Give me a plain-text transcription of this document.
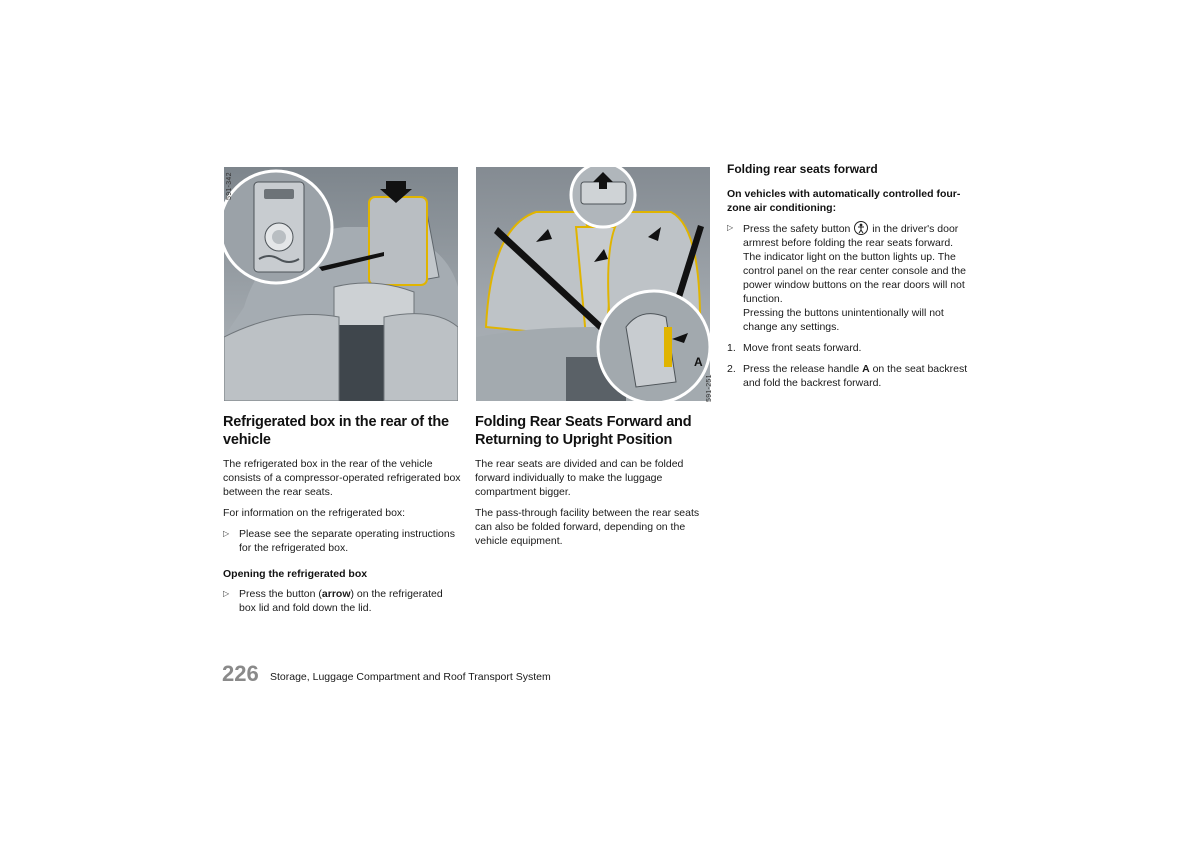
591-342
A
591-251
Refrigerated box in the rear of the vehicle

The refrigerated box in the rear of the vehicle consists of a compressor-operated refrigerated box between the rear seats.

For information on the refrigerated box:

▷ Please see the separate operating instructions for the refrigerated box.
Opening the refrigerated box
▷ Press the button (arrow) on the refrigerated box lid and fold down the lid.
Folding Rear Seats Forward and Returning to Upright Position

The rear seats are divided and can be folded forward individually to make the luggage compartment bigger.

The pass-through facility between the rear seats can also be folded forward, depending on the vehicle equipment.

Folding rear seats forward
On vehicles with automatically controlled four-zone air conditioning:
▷ Press the safety button
in the driver's door armrest before folding the rear seats forward. The indicator light on the button lights up. The control panel on the rear center console and the power window buttons on the rear doors will not function.
Pressing the buttons unintentionally will not change any settings.
1. Move front seats forward.
2. Press the release handle A on the seat backrest and fold the backrest forward.
226 Storage, Luggage Compartment and Roof Transport System
